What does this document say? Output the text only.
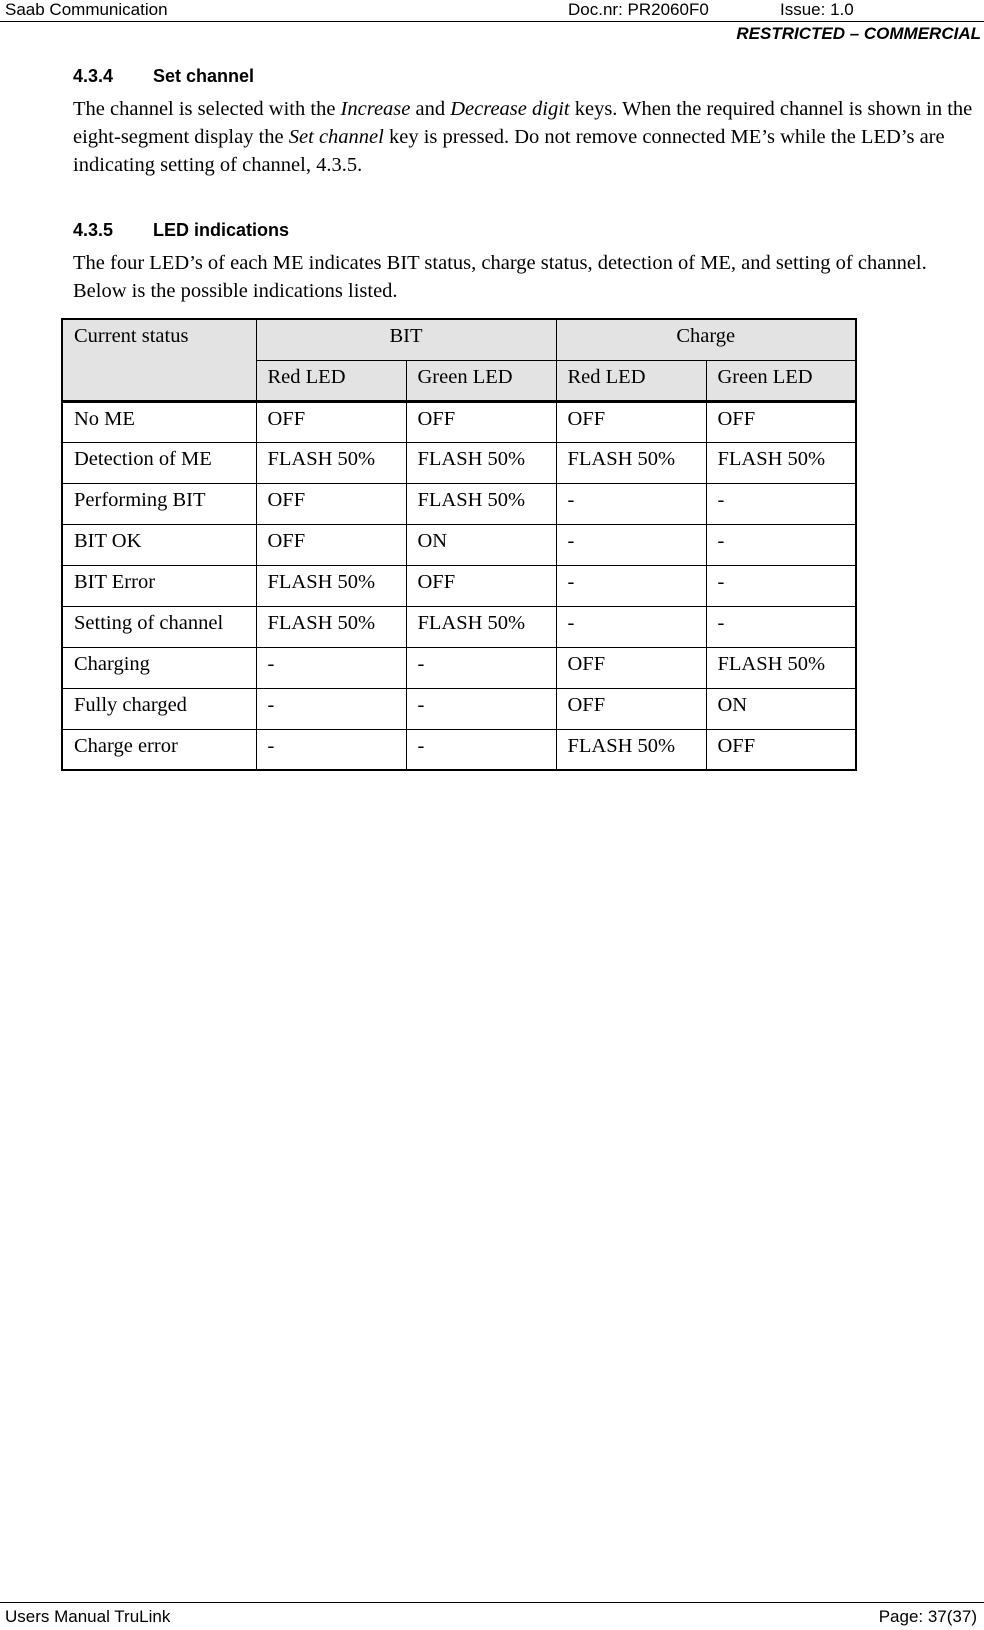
Saab Communication	Doc.nr: PR2060F0	Issue: 1.0
RESTRICTED – COMMERCIAL
4.3.4 Set channel
The channel is selected with the Increase and Decrease digit keys. When the required channel is shown in the eight-segment display the Set channel key is pressed. Do not remove connected ME’s while the LED’s are indicating setting of channel, 4.3.5.
4.3.5 LED indications
The four LED’s of each ME indicates BIT status, charge status, detection of ME, and setting of channel. Below is the possible indications listed.
Current status	BIT		Charge	
	Red LED	Green LED	Red LED	Green LED
No ME	OFF	OFF	OFF	OFF
Detection of ME	FLASH 50%	FLASH 50%	FLASH 50%	FLASH 50%
Performing BIT	OFF	FLASH 50%	-	-
BIT OK	OFF	ON	-	-
BIT Error	FLASH 50%	OFF	-	-
Setting of channel	FLASH 50%	FLASH 50%	-	-
Charging	-	-	OFF	FLASH 50%
Fully charged	-	-	OFF	ON
Charge error	-	-	FLASH 50%	OFF
Users Manual TruLink	Page: 37(37)
